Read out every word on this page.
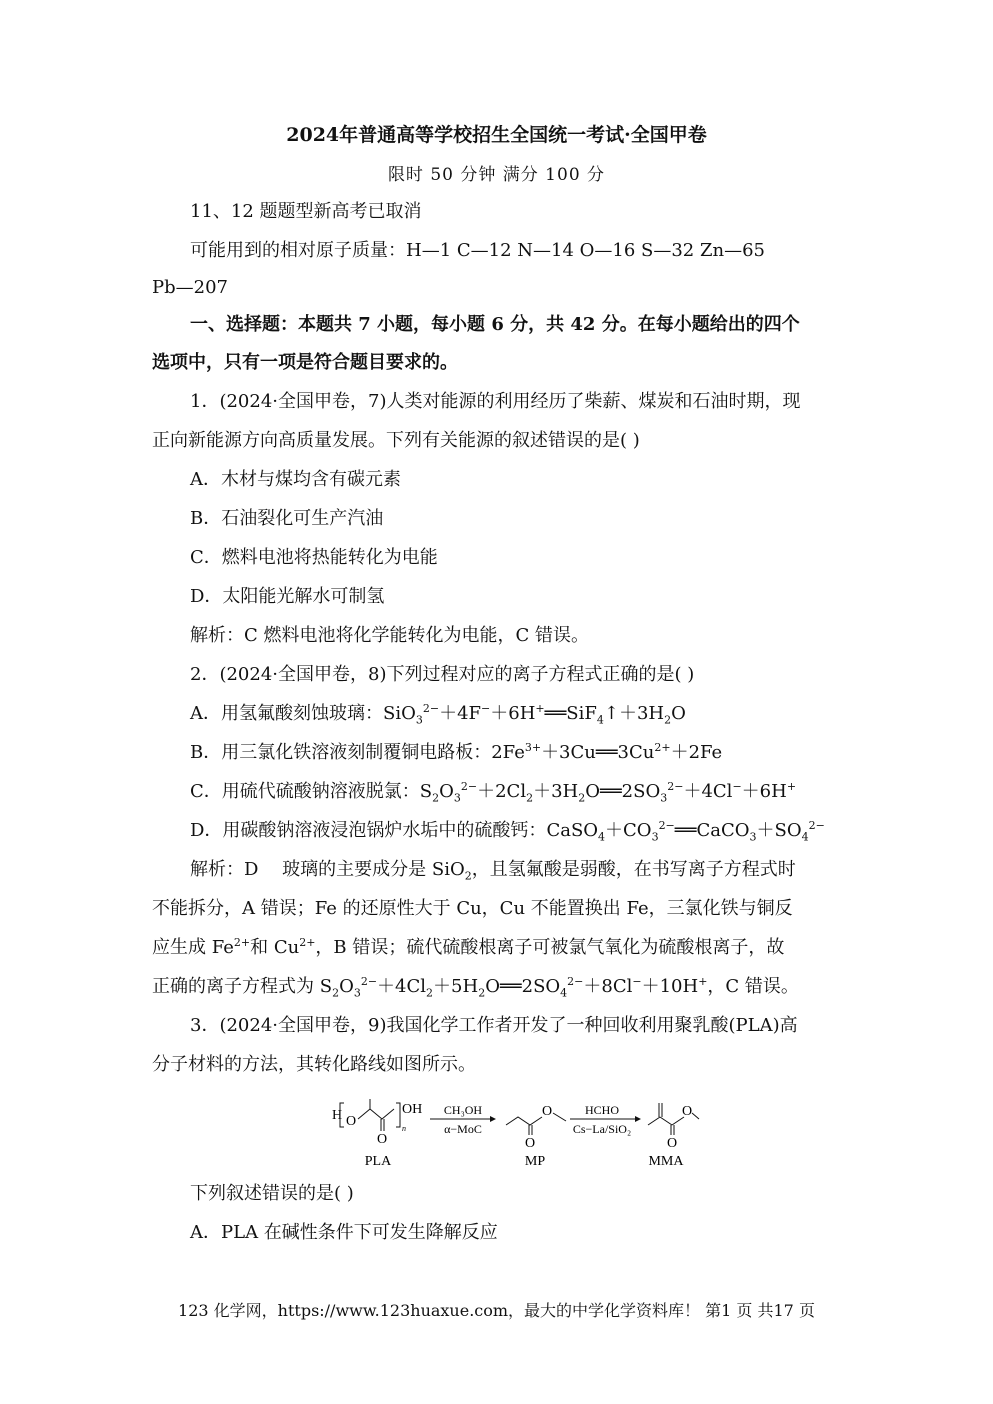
2024年普通高等学校招生全国统一考试·全国甲卷
限时 50 分钟 满分 100 分
11、12 题题型新高考已取消
可能用到的相对原子质量：H—1 C—12 N—14 O—16 S—32 Zn—65
Pb—207
一、选择题：本题共 7 小题，每小题 6 分，共 42 分。在每小题给出的四个
选项中，只有一项是符合题目要求的。
1．(2024·全国甲卷，7)人类对能源的利用经历了柴薪、煤炭和石油时期，现
正向新能源方向高质量发展。下列有关能源的叙述错误的是( )
A．木材与煤均含有碳元素
B．石油裂化可生产汽油
C．燃料电池将热能转化为电能
D．太阳能光解水可制氢
解析：C 燃料电池将化学能转化为电能，C 错误。
2．(2024·全国甲卷，8)下列过程对应的离子方程式正确的是( )
A．用氢氟酸刻蚀玻璃：$SiO_3^{2-}+4F^-+6H^+══SiF_4↑+3H_2O$
B．用三氯化铁溶液刻制覆铜电路板：$2Fe^{3+}+3Cu══3Cu^{2+}+2Fe$
C．用硫代硫酸钠溶液脱氯：$S_2O_3^{2-}+2Cl_2+3H_2O══2SO_3^{2-}+4Cl^-+6H^+$
D．用碳酸钠溶液浸泡锅炉水垢中的硫酸钙：$CaSO_4+CO_3^{2-}══CaCO_3+SO_4^{2-}$
解析：D　 玻璃的主要成分是 SiO$_2$，且氢氟酸是弱酸，在书写离子方程式时
不能拆分，A 错误；Fe 的还原性大于 Cu，Cu 不能置换出 Fe，三氯化铁与铜反
应生成 $Fe^{2+}$和 $Cu^{2+}$，B 错误；硫代硫酸根离子可被氯气氧化为硫酸根离子，故
正确的离子方程式为 $S_2O_3^{2-}+4Cl_2+5H_2O══2SO_4^{2-}+8Cl^-+10H^+$，C 错误。
3．(2024·全国甲卷，9)我国化学工作者开发了一种回收利用聚乳酸(PLA)高
分子材料的方法，其转化路线如图所示。
H O
O
n
OH CH₃OH
α−MoC
O
O	HCHO
Cs−La/SiO₂
O
O
PLA	MP	MMA
下列叙述错误的是( )
A．PLA 在碱性条件下可发生降解反应
123 化学网，https://www.123huaxue.com，最大的中学化学资料库！ 第1 页 共17 页
